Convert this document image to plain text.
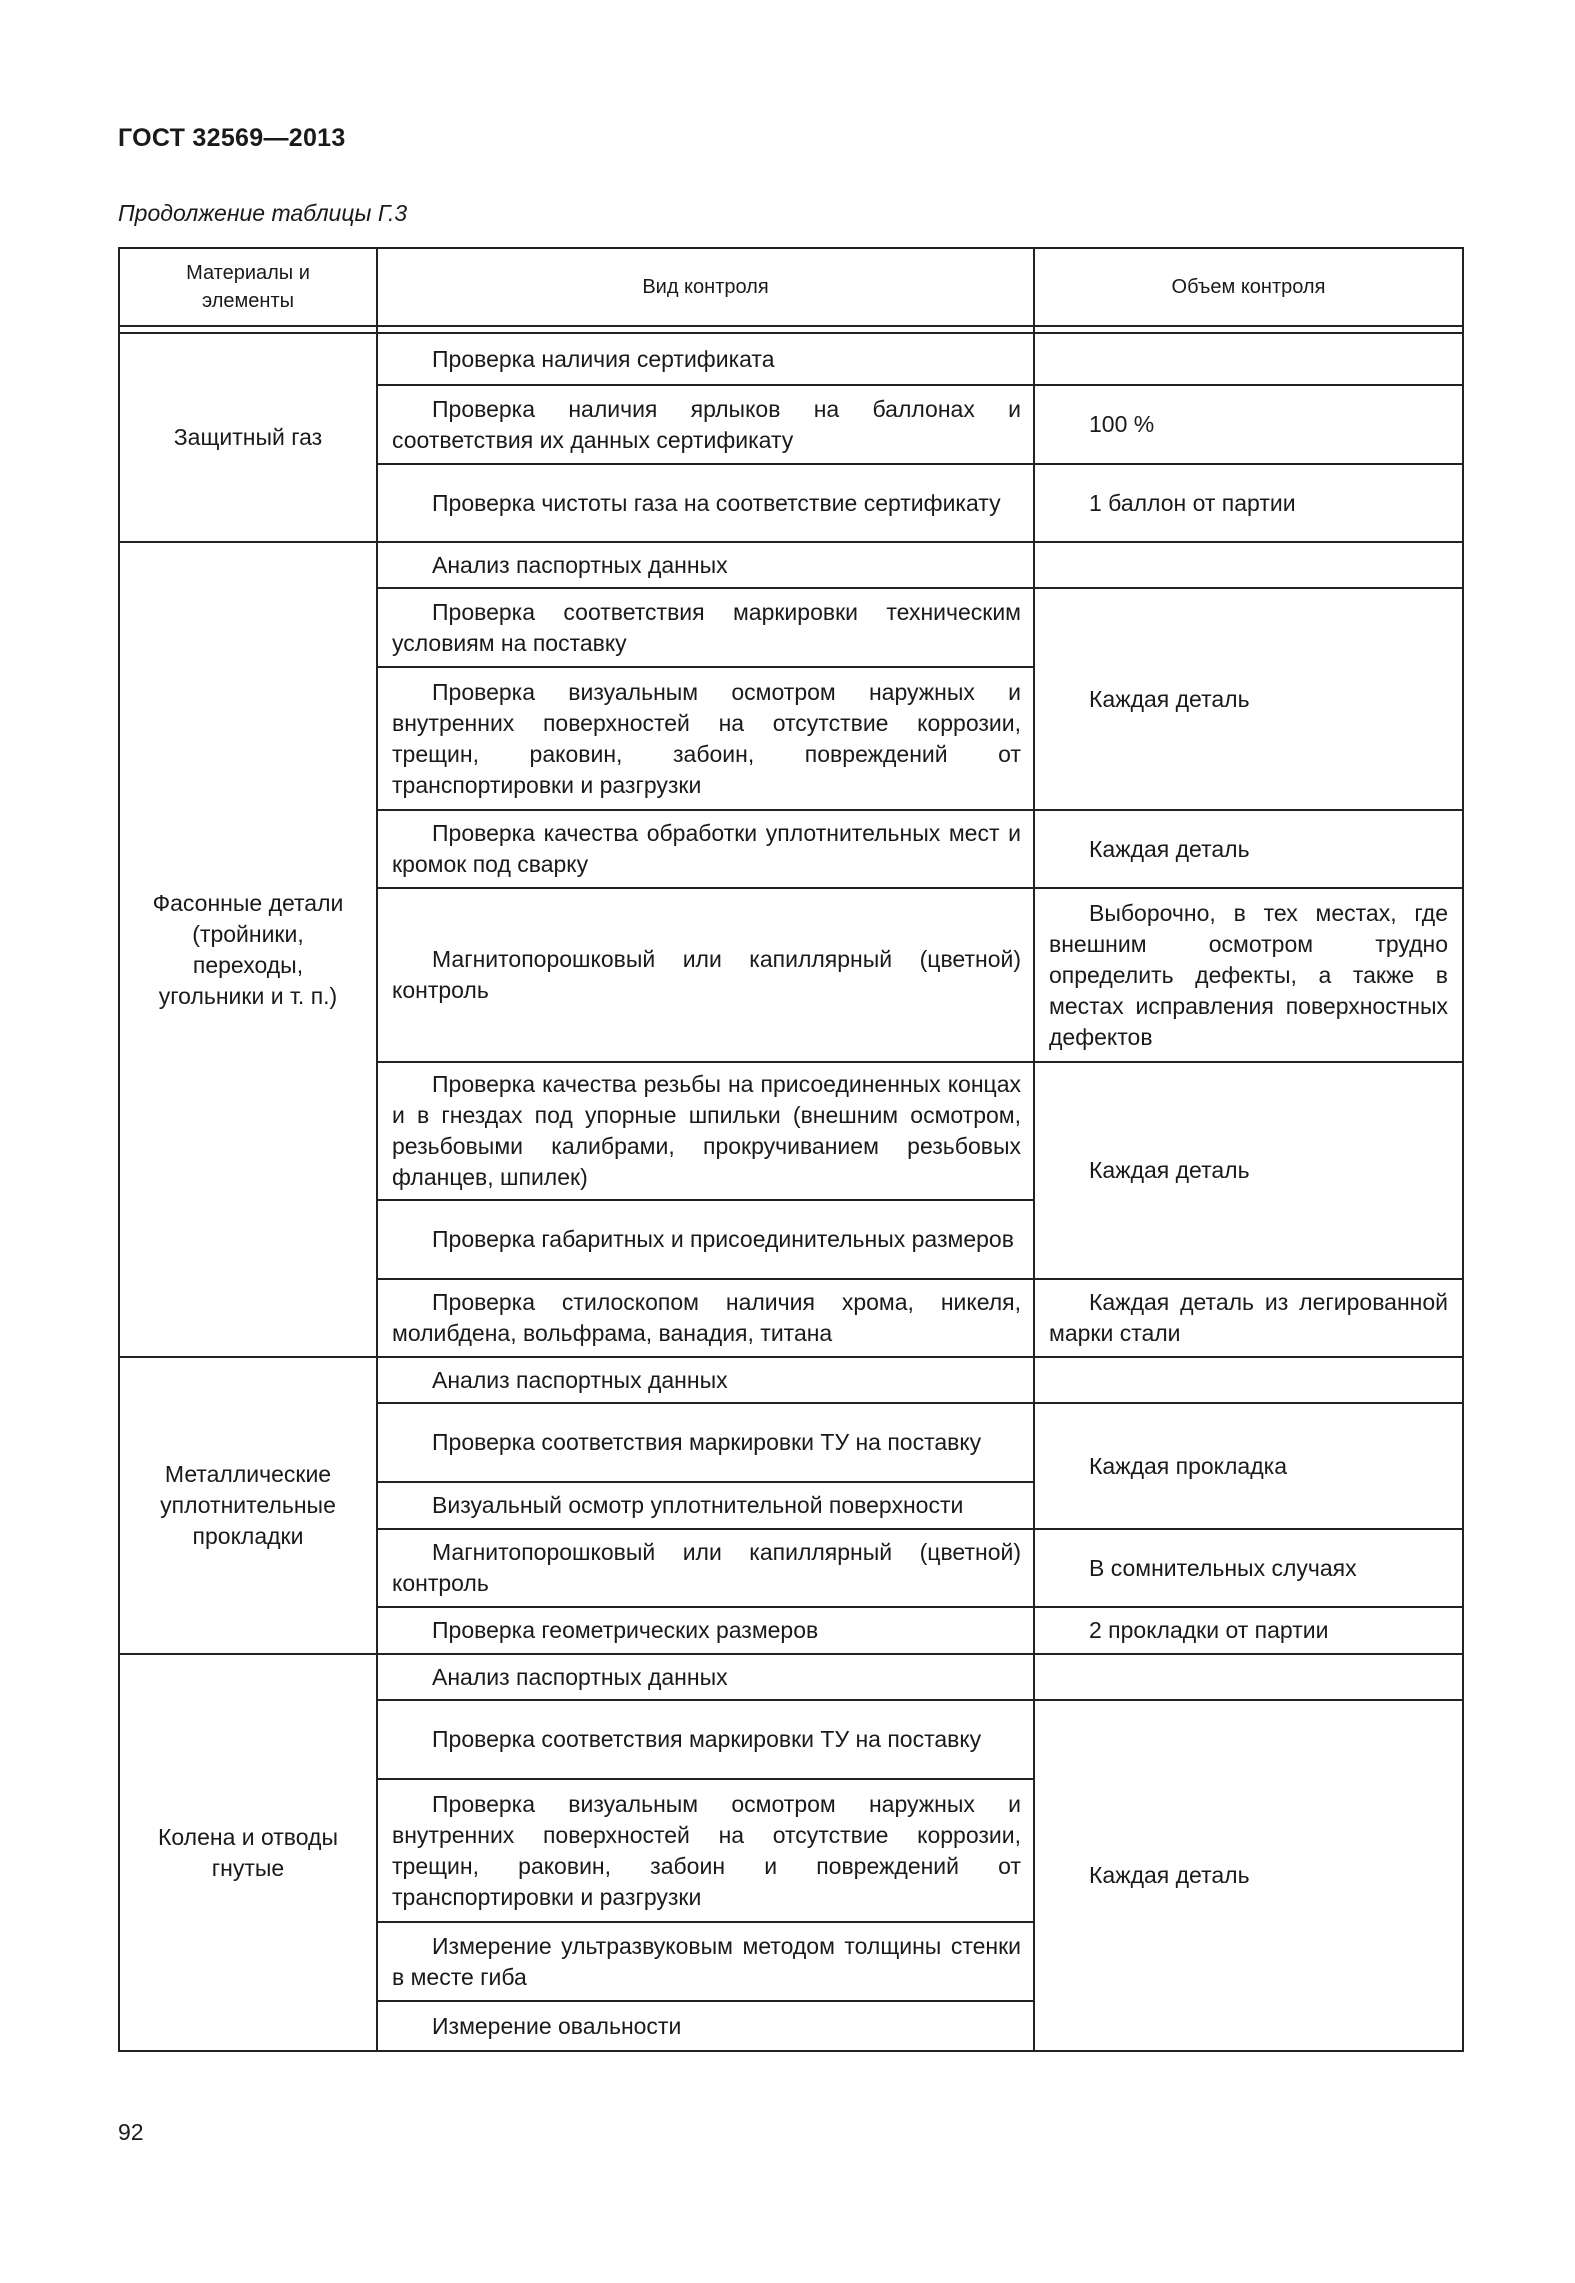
ГОСТ 32569—2013
Продолжение таблицы Г.3
Материалы и элементы	Вид контроля	Объем контроля

Защитный газ	Проверка наличия сертификата	
	Проверка наличия ярлыков на баллонах и соответствия их данных сертификату	100 %
	Проверка чистоты газа на соответствие сертификату	1 баллон от партии
Фасонные детали (тройники, переходы, угольники и т. п.)	Анализ паспортных данных	
	Проверка соответствия маркировки техническим условиям на поставку	Каждая деталь
	Проверка визуальным осмотром наружных и внутренних поверхностей на отсутствие коррозии, трещин, раковин, забоин, повреждений от транспортировки и разгрузки	
	Проверка качества обработки уплотнительных мест и кромок под сварку	Каждая деталь
	Магнитопорошковый или капиллярный (цветной) контроль	Выборочно, в тех местах, где внешним осмотром трудно определить дефекты, а также в местах исправления поверхностных дефектов
	Проверка качества резьбы на присоединенных концах и в гнездах под упорные шпильки (внешним осмотром, резьбовыми калибрами, прокручиванием резьбовых фланцев, шпилек)	Каждая деталь
	Проверка габаритных и присоединительных размеров	
	Проверка стилоскопом наличия хрома, никеля, молибдена, вольфрама, ванадия, титана	Каждая деталь из легированной марки стали
Металлические уплотнительные прокладки	Анализ паспортных данных	
	Проверка соответствия маркировки ТУ на поставку	Каждая прокладка
	Визуальный осмотр уплотнительной поверхности	
	Магнитопорошковый или капиллярный (цветной) контроль	В сомнительных случаях
	Проверка геометрических размеров	2 прокладки от партии
Колена и отводы гнутые	Анализ паспортных данных	
	Проверка соответствия маркировки ТУ на поставку	Каждая деталь
	Проверка визуальным осмотром наружных и внутренних поверхностей на отсутствие коррозии, трещин, раковин, забоин и повреждений от транспортировки и разгрузки	
	Измерение ультразвуковым методом толщины стенки в месте гиба	
	Измерение овальности	
92
